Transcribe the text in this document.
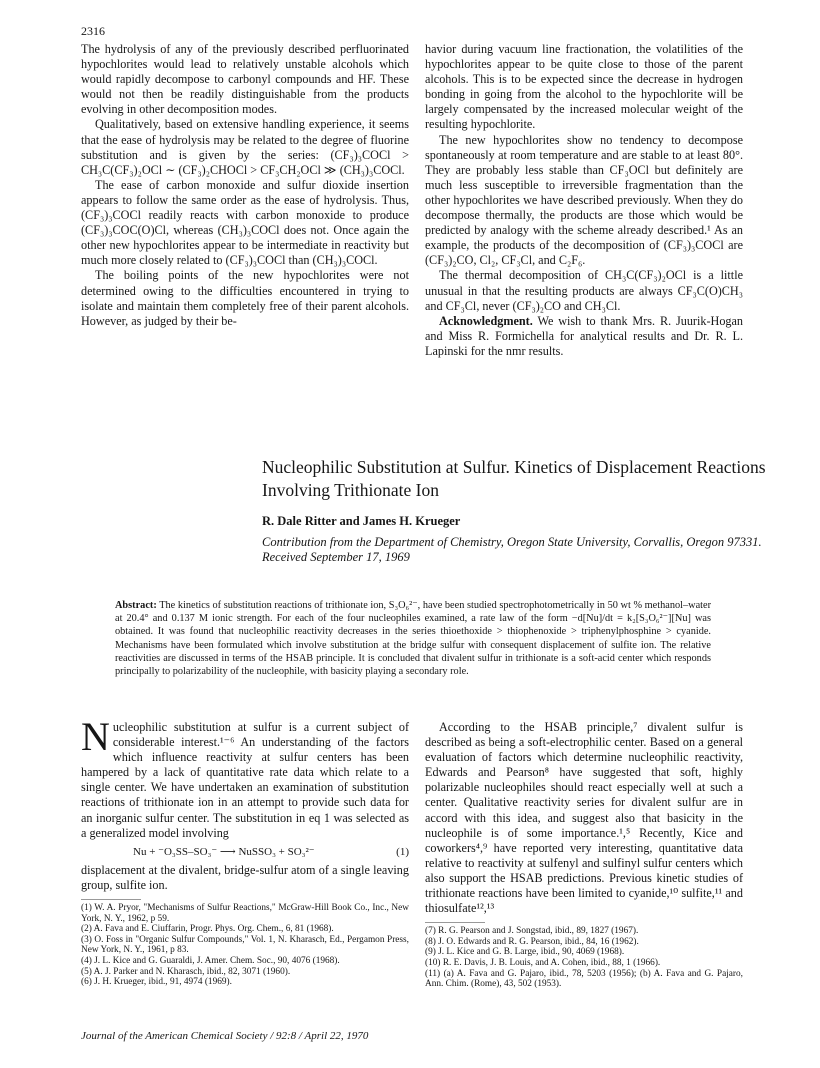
2316

The hydrolysis of any of the previously described perfluorinated hypochlorites would lead to relatively unstable alcohols which would rapidly decompose to carbonyl compounds and HF. These would not then be readily distinguishable from the products evolving in other decomposition modes.

Qualitatively, based on extensive handling experience, it seems that the ease of hydrolysis may be related to the degree of fluorine substitution and is given by the series: (CF₃)₃COCl > CH₃C(CF₃)₂OCl ∼ (CF₃)₂CHOCl > CF₃CH₂OCl ≫ (CH₃)₃COCl.

The ease of carbon monoxide and sulfur dioxide insertion appears to follow the same order as the ease of hydrolysis. Thus, (CF₃)₃COCl readily reacts with carbon monoxide to produce (CF₃)₃COC(O)Cl, whereas (CH₃)₃COCl does not. Once again the other new hypochlorites appear to be intermediate in reactivity but much more closely related to (CF₃)₃COCl than (CH₃)₃COCl.

The boiling points of the new hypochlorites were not determined owing to the difficulties encountered in trying to isolate and maintain them completely free of their parent alcohols. However, as judged by their be-

havior during vacuum line fractionation, the volatilities of the hypochlorites appear to be quite close to those of the parent alcohols. This is to be expected since the decrease in hydrogen bonding in going from the alcohol to the hypochlorite will be largely compensated by the increased molecular weight of the resulting hypochlorite.

The new hypochlorites show no tendency to decompose spontaneously at room temperature and are stable to at least 80°. They are probably less stable than CF₃OCl but definitely are much less susceptible to irreversible fragmentation than the other hypochlorites we have described previously. When they do decompose thermally, the products are those which would be predicted by analogy with the scheme already described.¹ As an example, the products of the decomposition of (CF₃)₃COCl are (CF₃)₂CO, Cl₂, CF₃Cl, and C₂F₆.

The thermal decomposition of CH₃C(CF₃)₂OCl is a little unusual in that the resulting products are always CF₃C(O)CH₃ and CF₃Cl, never (CF₃)₂CO and CH₃Cl.

Acknowledgment. We wish to thank Mrs. R. Juurik-Hogan and Miss R. Formichella for analytical results and Dr. R. L. Lapinski for the nmr results.

Nucleophilic Substitution at Sulfur. Kinetics of Displacement Reactions Involving Trithionate Ion
R. Dale Ritter and James H. Krueger
Contribution from the Department of Chemistry, Oregon State University, Corvallis, Oregon 97331. Received September 17, 1969
Abstract: The kinetics of substitution reactions of trithionate ion, S₃O₆²⁻, have been studied spectrophotometrically in 50 wt % methanol–water at 20.4° and 0.137 M ionic strength. For each of the four nucleophiles examined, a rate law of the form −d[Nu]/dt = k₂[S₃O₆²⁻][Nu] was obtained. It was found that nucleophilic reactivity decreases in the series thioethoxide > thiophenoxide > triphenylphosphine > cyanide. Mechanisms have been formulated which involve substitution at the bridge sulfur with consequent displacement of sulfite ion. The relative reactivities are discussed in terms of the HSAB principle. It is concluded that divalent sulfur in trithionate is a soft-acid center which responds principally to polarizability of the nucleophile, with basicity playing a secondary role.

Nucleophilic substitution at sulfur is a current subject of considerable interest.¹⁻⁶ An understanding of the factors which influence reactivity at sulfur centers has been hampered by a lack of quantitative rate data which relate to a single center. We have undertaken an examination of substitution reactions of trithionate ion in an attempt to provide such data for an inorganic sulfur center. The substitution in eq 1 was selected as a generalized model involving

(1)
Nu + ⁻O₃SS–SO₃⁻ ⟶ NuSSO₃ + SO₃²⁻

displacement at the divalent, bridge-sulfur atom of a single leaving group, sulfite ion.

(1) W. A. Pryor, "Mechanisms of Sulfur Reactions," McGraw-Hill Book Co., Inc., New York, N. Y., 1962, p 59.
(2) A. Fava and E. Ciuffarin, Progr. Phys. Org. Chem., 6, 81 (1968).
(3) O. Foss in "Organic Sulfur Compounds," Vol. 1, N. Kharasch, Ed., Pergamon Press, New York, N. Y., 1961, p 83.
(4) J. L. Kice and G. Guaraldi, J. Amer. Chem. Soc., 90, 4076 (1968).
(5) A. J. Parker and N. Kharasch, ibid., 82, 3071 (1960).
(6) J. H. Krueger, ibid., 91, 4974 (1969).

According to the HSAB principle,⁷ divalent sulfur is described as being a soft-electrophilic center. Based on a general evaluation of factors which determine nucleophilic reactivity, Edwards and Pearson⁸ have suggested that soft, highly polarizable nucleophiles should react especially well at such a center. Qualitative reactivity series for divalent sulfur are in accord with this idea, and suggest also that basicity in the nucleophile is of some importance.¹,⁵ Recently, Kice and coworkers⁴,⁹ have reported very interesting, quantitative data relative to reactivity at sulfenyl and sulfinyl sulfur centers which also support the HSAB predictions. Previous kinetic studies of trithionate reactions have been limited to cyanide,¹⁰ sulfite,¹¹ and thiosulfate¹²,¹³

(7) R. G. Pearson and J. Songstad, ibid., 89, 1827 (1967).
(8) J. O. Edwards and R. G. Pearson, ibid., 84, 16 (1962).
(9) J. L. Kice and G. B. Large, ibid., 90, 4069 (1968).
(10) R. E. Davis, J. B. Louis, and A. Cohen, ibid., 88, 1 (1966).
(11) (a) A. Fava and G. Pajaro, ibid., 78, 5203 (1956); (b) A. Fava and G. Pajaro, Ann. Chim. (Rome), 43, 502 (1953).
Journal of the American Chemical Society / 92:8 / April 22, 1970
